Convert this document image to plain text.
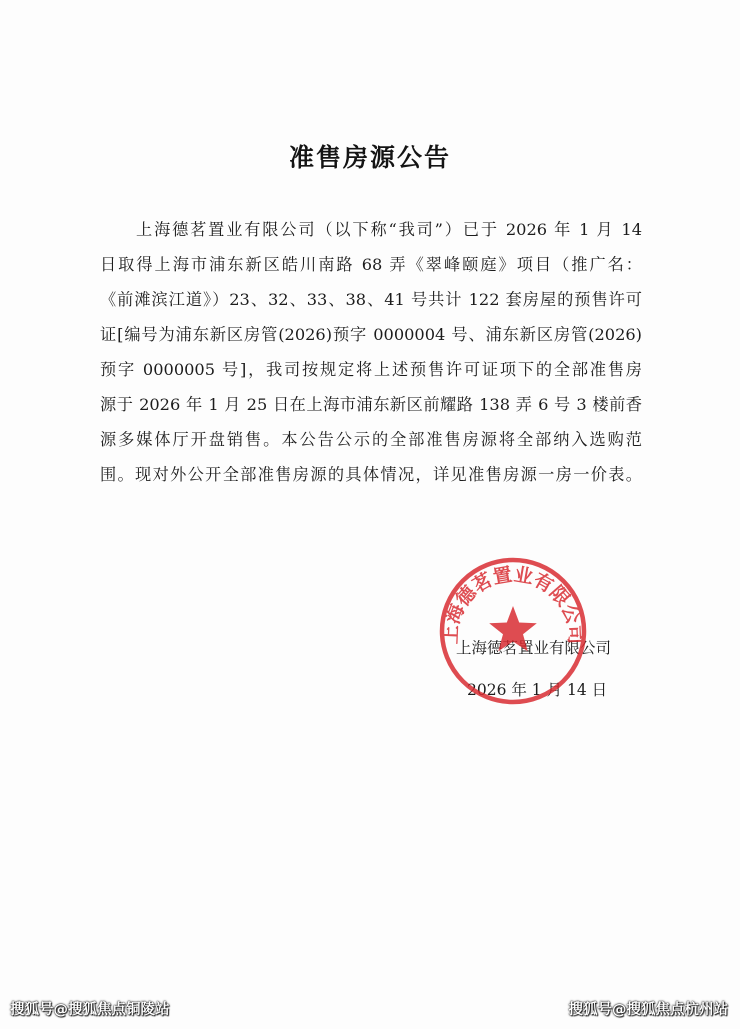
准售房源公告
　　上海德茗置业有限公司（以下称“我司”）已于 2026 年 1 月 14
日取得上海市浦东新区皓川南路 68 弄《翠峰颐庭》项目（推广名：
《前滩滨江道》）23、32、33、38、41 号共计 122 套房屋的预售许可
证[编号为浦东新区房管(2026)预字 0000004 号、浦东新区房管(2026)
预字 0000005 号]，我司按规定将上述预售许可证项下的全部准售房
源于 2026 年 1 月 25 日在上海市浦东新区前耀路 138 弄 6 号 3 楼前香
源多媒体厅开盘销售。本公告公示的全部准售房源将全部纳入选购范
围。现对外公开全部准售房源的具体情况，详见准售房源一房一价表。
上海德茗置业有限公司
2026 年 1 月 14 日
上海德茗置业有限公司
搜狐号@搜狐焦点铜陵站	搜狐号@搜狐焦点杭州站
